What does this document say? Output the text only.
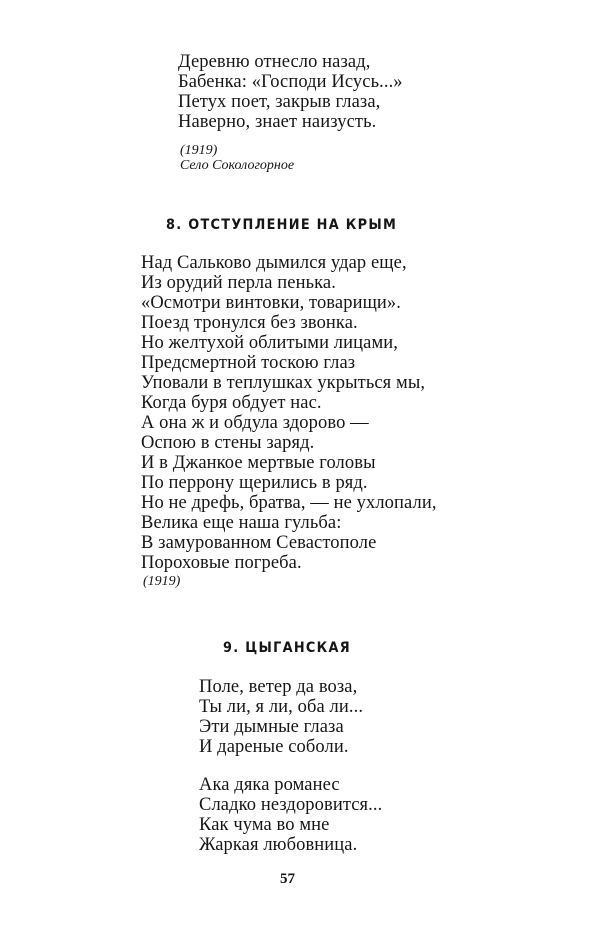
Деревню отнесло назад,
Бабенка: «Господи Исусь...»
Петух поет, закрыв глаза,
Наверно, знает наизусть.
(1919)
Село Сокологорное
8. ОТСТУПЛЕНИЕ НА КРЫМ
Над Сальково дымился удар еще,
Из орудий перла пенька.
«Осмотри винтовки, товарищи».
Поезд тронулся без звонка.
Но желтухой облитыми лицами,
Предсмертной тоскою глаз
Уповали в теплушках укрыться мы,
Когда буря обдует нас.
А она ж и обдула здорово —
Оспою в стены заряд.
И в Джанкое мертвые головы
По перрону щерились в ряд.
Но не дрефь, братва, — не ухлопали,
Велика еще наша гульба:
В замурованном Севастополе
Пороховые погреба.
(1919)
9. ЦЫГАНСКАЯ
Поле, ветер да воза,
Ты ли, я ли, оба ли...
Эти дымные глаза
И дареные соболи.
Ака дяка романес
Сладко нездоровится...
Как чума во мне
Жаркая любовница.
57
